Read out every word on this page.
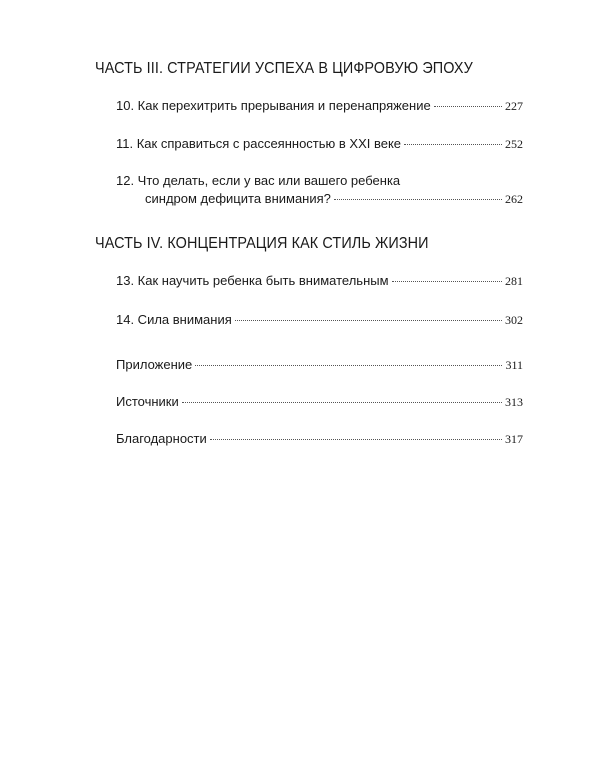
ЧАСТЬ III. СТРАТЕГИИ УСПЕХА В ЦИФРОВУЮ ЭПОХУ
10. Как перехитрить прерывания и перенапряжение	227
11. Как справиться с рассеянностью в XXI веке	252
12. Что делать, если у вас или вашего ребенка
синдром дефицита внимания?	262
ЧАСТЬ IV. КОНЦЕНТРАЦИЯ КАК СТИЛЬ ЖИЗНИ
13. Как научить ребенка быть внимательным	281
14. Сила внимания	302
Приложение	311
Источники	313
Благодарности	317
